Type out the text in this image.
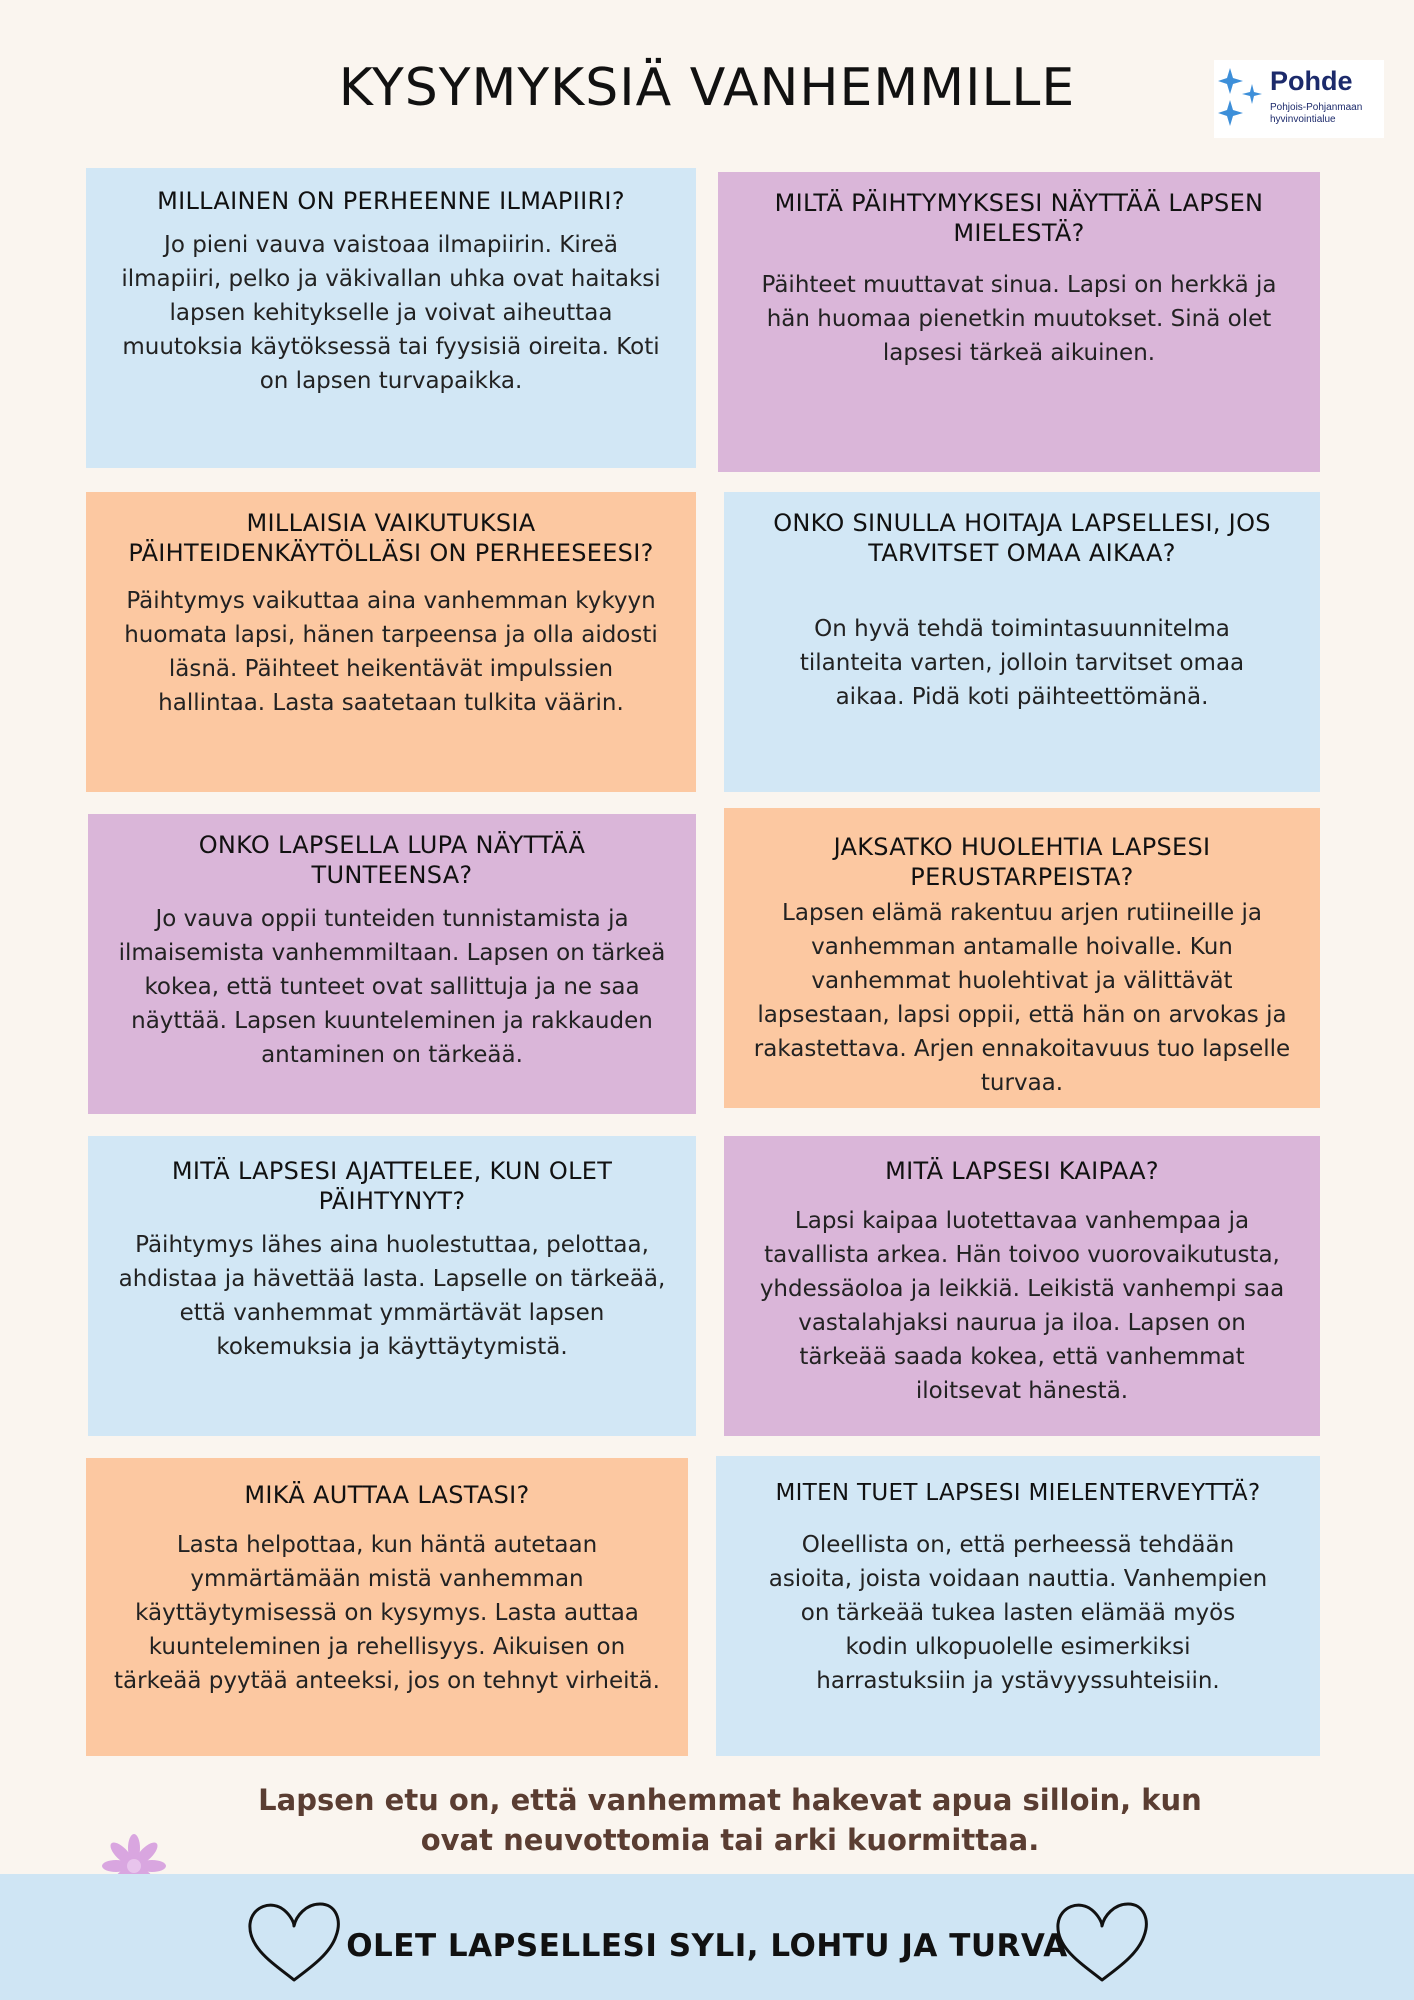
KYSYMYKSIÄ VANHEMMILLE	Pohde
Pohjois-Pohjanmaan hyvinvointialue
MILLAINEN ON PERHEENNE ILMAPIIRI?

Jo pieni vauva vaistoaa ilmapiirin. Kireä ilmapiiri, pelko ja väkivallan uhka ovat haitaksi lapsen kehitykselle ja voivat aiheuttaa muutoksia käytöksessä tai fyysisiä oireita. Koti on lapsen turvapaikka.

MILTÄ PÄIHTYMYKSESI NÄYTTÄÄ LAPSEN MIELESTÄ?

Päihteet muuttavat sinua. Lapsi on herkkä ja hän huomaa pienetkin muutokset. Sinä olet lapsesi tärkeä aikuinen.

MILLAISIA VAIKUTUKSIA PÄIHTEIDENKÄYTÖLLÄSI ON PERHEESEESI?

Päihtymys vaikuttaa aina vanhemman kykyyn huomata lapsi, hänen tarpeensa ja olla aidosti läsnä. Päihteet heikentävät impulssien hallintaa. Lasta saatetaan tulkita väärin.

ONKO SINULLA HOITAJA LAPSELLESI, JOS TARVITSET OMAA AIKAA?

On hyvä tehdä toimintasuunnitelma tilanteita varten, jolloin tarvitset omaa aikaa. Pidä koti päihteettömänä.

ONKO LAPSELLA LUPA NÄYTTÄÄ TUNTEENSA?

Jo vauva oppii tunteiden tunnistamista ja ilmaisemista vanhemmiltaan. Lapsen on tärkeä kokea, että tunteet ovat sallittuja ja ne saa näyttää. Lapsen kuunteleminen ja rakkauden antaminen on tärkeää.

JAKSATKO HUOLEHTIA LAPSESI PERUSTARPEISTA?

Lapsen elämä rakentuu arjen rutiineille ja vanhemman antamalle hoivalle. Kun vanhemmat huolehtivat ja välittävät lapsestaan, lapsi oppii, että hän on arvokas ja rakastettava. Arjen ennakoitavuus tuo lapselle turvaa.

MITÄ LAPSESI AJATTELEE, KUN OLET PÄIHTYNYT?

Päihtymys lähes aina huolestuttaa, pelottaa, ahdistaa ja hävettää lasta. Lapselle on tärkeää, että vanhemmat ymmärtävät lapsen kokemuksia ja käyttäytymistä.

MITÄ LAPSESI KAIPAA?

Lapsi kaipaa luotettavaa vanhempaa ja tavallista arkea. Hän toivoo vuorovaikutusta, yhdessäoloa ja leikkiä. Leikistä vanhempi saa vastalahjaksi naurua ja iloa. Lapsen on tärkeää saada kokea, että vanhemmat iloitsevat hänestä.

MIKÄ AUTTAA LASTASI?

Lasta helpottaa, kun häntä autetaan ymmärtämään mistä vanhemman käyttäytymisessä on kysymys. Lasta auttaa kuunteleminen ja rehellisyys. Aikuisen on tärkeää pyytää anteeksi, jos on tehnyt virheitä.

MITEN TUET LAPSESI MIELENTERVEYTTÄ?

Oleellista on, että perheessä tehdään asioita, joista voidaan nauttia. Vanhempien on tärkeää tukea lasten elämää myös kodin ulkopuolelle esimerkiksi harrastuksiin ja ystävyyssuhteisiin.

Lapsen etu on, että vanhemmat hakevat apua silloin, kun ovat neuvottomia tai arki kuormittaa.
OLET LAPSELLESI SYLI, LOHTU JA TURVA
